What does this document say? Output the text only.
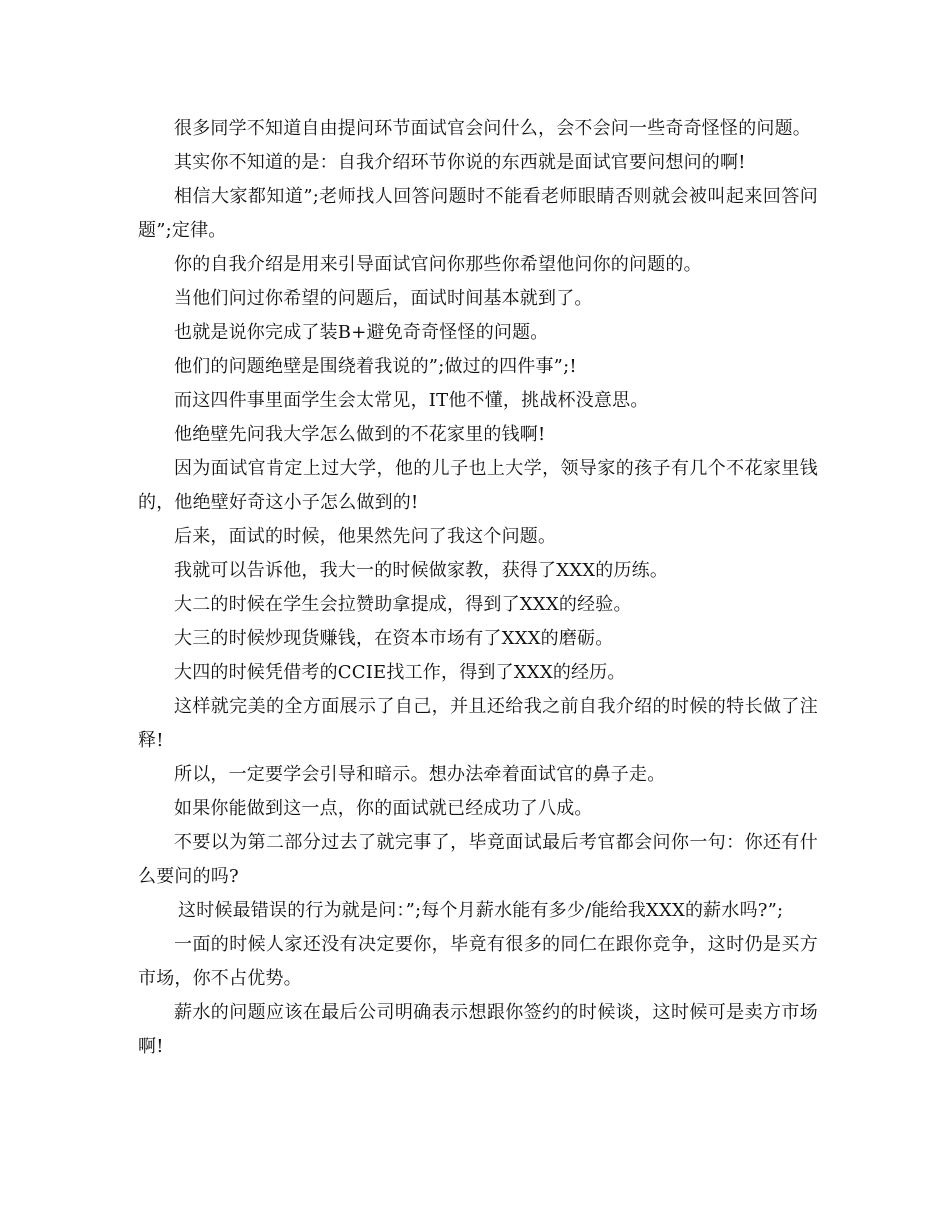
很多同学不知道自由提问环节面试官会问什么，会不会问一些奇奇怪怪的问题。

其实你不知道的是：自我介绍环节你说的东西就是面试官要问想问的啊!

相信大家都知道”;老师找人回答问题时不能看老师眼睛否则就会被叫起来回答问题”;定律。

你的自我介绍是用来引导面试官问你那些你希望他问你的问题的。

当他们问过你希望的问题后，面试时间基本就到了。

也就是说你完成了装B+避免奇奇怪怪的问题。

他们的问题绝壁是围绕着我说的”;做过的四件事”;!

而这四件事里面学生会太常见，IT他不懂，挑战杯没意思。

他绝壁先问我大学怎么做到的不花家里的钱啊!

因为面试官肯定上过大学，他的儿子也上大学，领导家的孩子有几个不花家里钱的，他绝壁好奇这小子怎么做到的!

后来，面试的时候，他果然先问了我这个问题。

我就可以告诉他，我大一的时候做家教，获得了XXX的历练。

大二的时候在学生会拉赞助拿提成，得到了XXX的经验。

大三的时候炒现货赚钱，在资本市场有了XXX的磨砺。

大四的时候凭借考的CCIE找工作，得到了XXX的经历。

这样就完美的全方面展示了自己，并且还给我之前自我介绍的时候的特长做了注释!

所以，一定要学会引导和暗示。想办法牵着面试官的鼻子走。

如果你能做到这一点，你的面试就已经成功了八成。

不要以为第二部分过去了就完事了，毕竟面试最后考官都会问你一句：你还有什么要问的吗?

这时候最错误的行为就是问：”;每个月薪水能有多少/能给我XXX的薪水吗?”;

一面的时候人家还没有决定要你，毕竟有很多的同仁在跟你竞争，这时仍是买方市场，你不占优势。

薪水的问题应该在最后公司明确表示想跟你签约的时候谈，这时候可是卖方市场啊!
